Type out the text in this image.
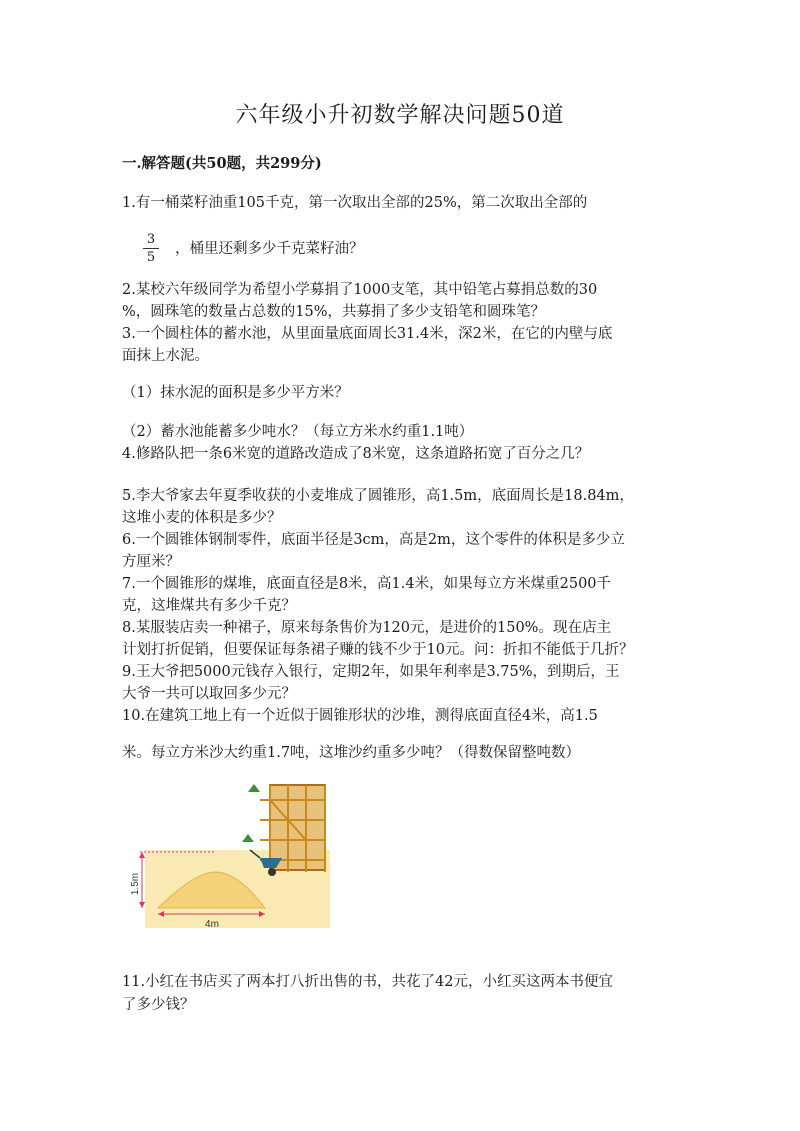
六年级小升初数学解决问题50道
一.解答题(共50题，共299分)
1.有一桶菜籽油重105千克，第一次取出全部的25%，第二次取出全部的
3
5
，桶里还剩多少千克菜籽油？
2.某校六年级同学为希望小学募捐了1000支笔，其中铅笔占募捐总数的30
%，圆珠笔的数量占总数的15%，共募捐了多少支铅笔和圆珠笔？
3.一个圆柱体的蓄水池，从里面量底面周长31.4米，深2米，在它的内壁与底
面抹上水泥。
（1）抹水泥的面积是多少平方米？
（2）蓄水池能蓄多少吨水？（每立方米水约重1.1吨）
4.修路队把一条6米宽的道路改造成了8米宽，这条道路拓宽了百分之几？
5.李大爷家去年夏季收获的小麦堆成了圆锥形，高1.5m，底面周长是18.84m，
这堆小麦的体积是多少？
6.一个圆锥体钢制零件，底面半径是3cm，高是2m，这个零件的体积是多少立
方厘米？
7.一个圆锥形的煤堆，底面直径是8米，高1.4米，如果每立方米煤重2500千
克，这堆煤共有多少千克？
8.某服装店卖一种裙子，原来每条售价为120元，是进价的150%。现在店主
计划打折促销，但要保证每条裙子赚的钱不少于10元。问：折扣不能低于几折？
9.王大爷把5000元钱存入银行，定期2年，如果年利率是3.75%，到期后，王
大爷一共可以取回多少元？
10.在建筑工地上有一个近似于圆锥形状的沙堆，测得底面直径4米，高1.5
米。每立方米沙大约重1.7吨，这堆沙约重多少吨？（得数保留整吨数）
1.5m
4m
11.小红在书店买了两本打八折出售的书，共花了42元，小红买这两本书便宜
了多少钱？
